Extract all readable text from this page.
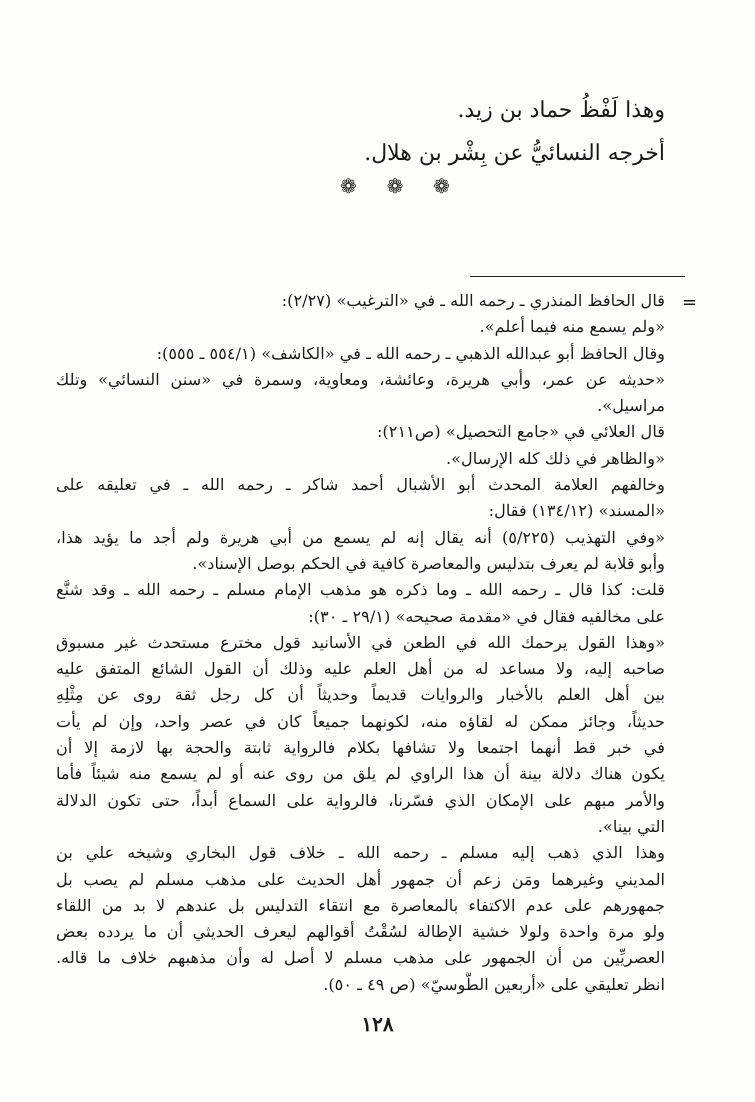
وهذا لَفْظُ حماد بن زيد.
أخرجه النسائيُّ عن بِشْر بن هلال.
❁ ❁ ❁
=
قال الحافظ المنذري ـ رحمه الله ـ في «الترغيب» (٢/٢٧):
«ولم يسمع منه فيما أعلم».
وقال الحافظ أبو عبدالله الذهبي ـ رحمه الله ـ في «الكاشف» (٥٥٤/١ ـ ٥٥٥):
«حديثه عن عمر، وأبي هريرة، وعائشة، ومعاوية، وسمرة في «سنن النسائي» وتلك
مراسيل».
قال العلائي في «جامع التحصيل» (ص٢١١):
«والظاهر في ذلك كله الإرسال».
وخالفهم العلامة المحدث أبو الأشبال أحمد شاكر ـ رحمه الله ـ في تعليقه على
«المسند» (١٣٤/١٢) فقال:
«وفي التهذيب (٥/٢٢٥) أنه يقال إنه لم يسمع من أبي هريرة ولم أجد ما يؤيد هذا،
وأبو قلابة لم يعرف بتدليس والمعاصرة كافية في الحكم بوصل الإسناد».
قلت: كذا قال ـ رحمه الله ـ وما ذكره هو مذهب الإمام مسلم ـ رحمه الله ـ وقد شنَّع
على مخالفيه فقال في «مقدمة صحيحه» (٢٩/١ ـ ٣٠):
«وهذا القول يرحمك الله في الطعن في الأسانيد قول مخترع مستحدث غير مسبوق
صاحبه إليه، ولا مساعد له من أهل العلم عليه وذلك أن القول الشائع المتفق عليه
بين أهل العلم بالأخبار والروايات قديماً وحديثاً أن كل رجل ثقة روى عن مِثْلِهِ
حديثاً، وجائز ممكن له لقاؤه منه، لكونهما جميعاً كان في عصر واحد، وإن لم يأت
في خبر قط أنهما اجتمعا ولا تشافها بكلام فالرواية ثابتة والحجة بها لازمة إلا أن
يكون هناك دلالة بينة أن هذا الراوي لم يلق من روى عنه أو لم يسمع منه شيئاً فأما
والأمر مبهم على الإمكان الذي فسّرنا، فالرواية على السماع أبداً، حتى تكون الدلالة
التي بينا».
وهذا الذي ذهب إليه مسلم ـ رحمه الله ـ خلاف قول البخاري وشيخه علي بن
المديني وغيرهما ومَن زعم أن جمهور أهل الحديث على مذهب مسلم لم يصب بل
جمهورهم على عدم الاكتفاء بالمعاصرة مع انتقاء التدليس بل عندهم لا بد من اللقاء
ولو مرة واحدة ولولا خشية الإطالة لسُقْتُ أقوالهم ليعرف الحديثي أن ما يردده بعض
العصريِّين من أن الجمهور على مذهب مسلم لا أصل له وأن مذهبهم خلاف ما قاله.
انظر تعليقي على «أربعين الطُّوسيّ» (ص ٤٩ ـ ٥٠).
١٢٨
